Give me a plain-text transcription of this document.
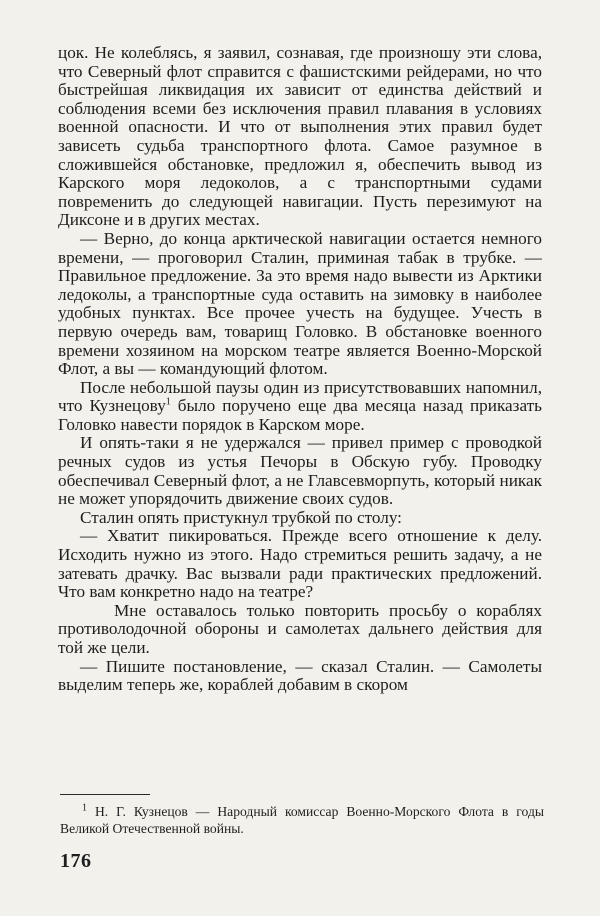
цок. Не колеблясь, я заявил, сознавая, где произношу эти слова, что Северный флот справится с фашистскими рейдерами, но что быстрейшая ликвидация их зависит от единства действий и соблюдения всеми без исключения правил плавания в условиях военной опасности. И что от выполнения этих правил будет зависеть судьба транспортного флота. Самое разумное в сложившейся обстановке, предложил я, обеспечить вывод из Карского моря ледоколов, а с транспортными судами повременить до следующей навигации. Пусть перезимуют на Диксоне и в других местах.

— Верно, до конца арктической навигации остается немного времени, — проговорил Сталин, приминая табак в трубке. — Правильное предложение. За это время надо вывести из Арктики ледоколы, а транспортные суда оставить на зимовку в наиболее удобных пунктах. Все прочее учесть на будущее. Учесть в первую очередь вам, товарищ Головко. В обстановке военного времени хозяином на морском театре является Военно-Морской Флот, а вы — командующий флотом.

После небольшой паузы один из присутствовавших напомнил, что Кузнецову$^1$ было поручено еще два месяца назад приказать Головко навести порядок в Карском море.

И опять-таки я не удержался — привел пример с проводкой речных судов из устья Печоры в Обскую губу. Проводку обеспечивал Северный флот, а не Главсевморпуть, который никак не может упорядочить движение своих судов.

Сталин опять пристукнул трубкой по столу:

— Хватит пикироваться. Прежде всего отношение к делу. Исходить нужно из этого. Надо стремиться решить задачу, а не затевать драчку. Вас вызвали ради практических предложений. Что вам конкретно надо на театре?

Мне оставалось только повторить просьбу о кораблях противолодочной обороны и самолетах дальнего действия для той же цели.

— Пишите постановление, — сказал Сталин. — Самолеты выделим теперь же, кораблей добавим в скором

$^1$ Н. Г. Кузнецов — Народный комиссар Военно-Морского Флота в годы Великой Отечественной войны.
176
